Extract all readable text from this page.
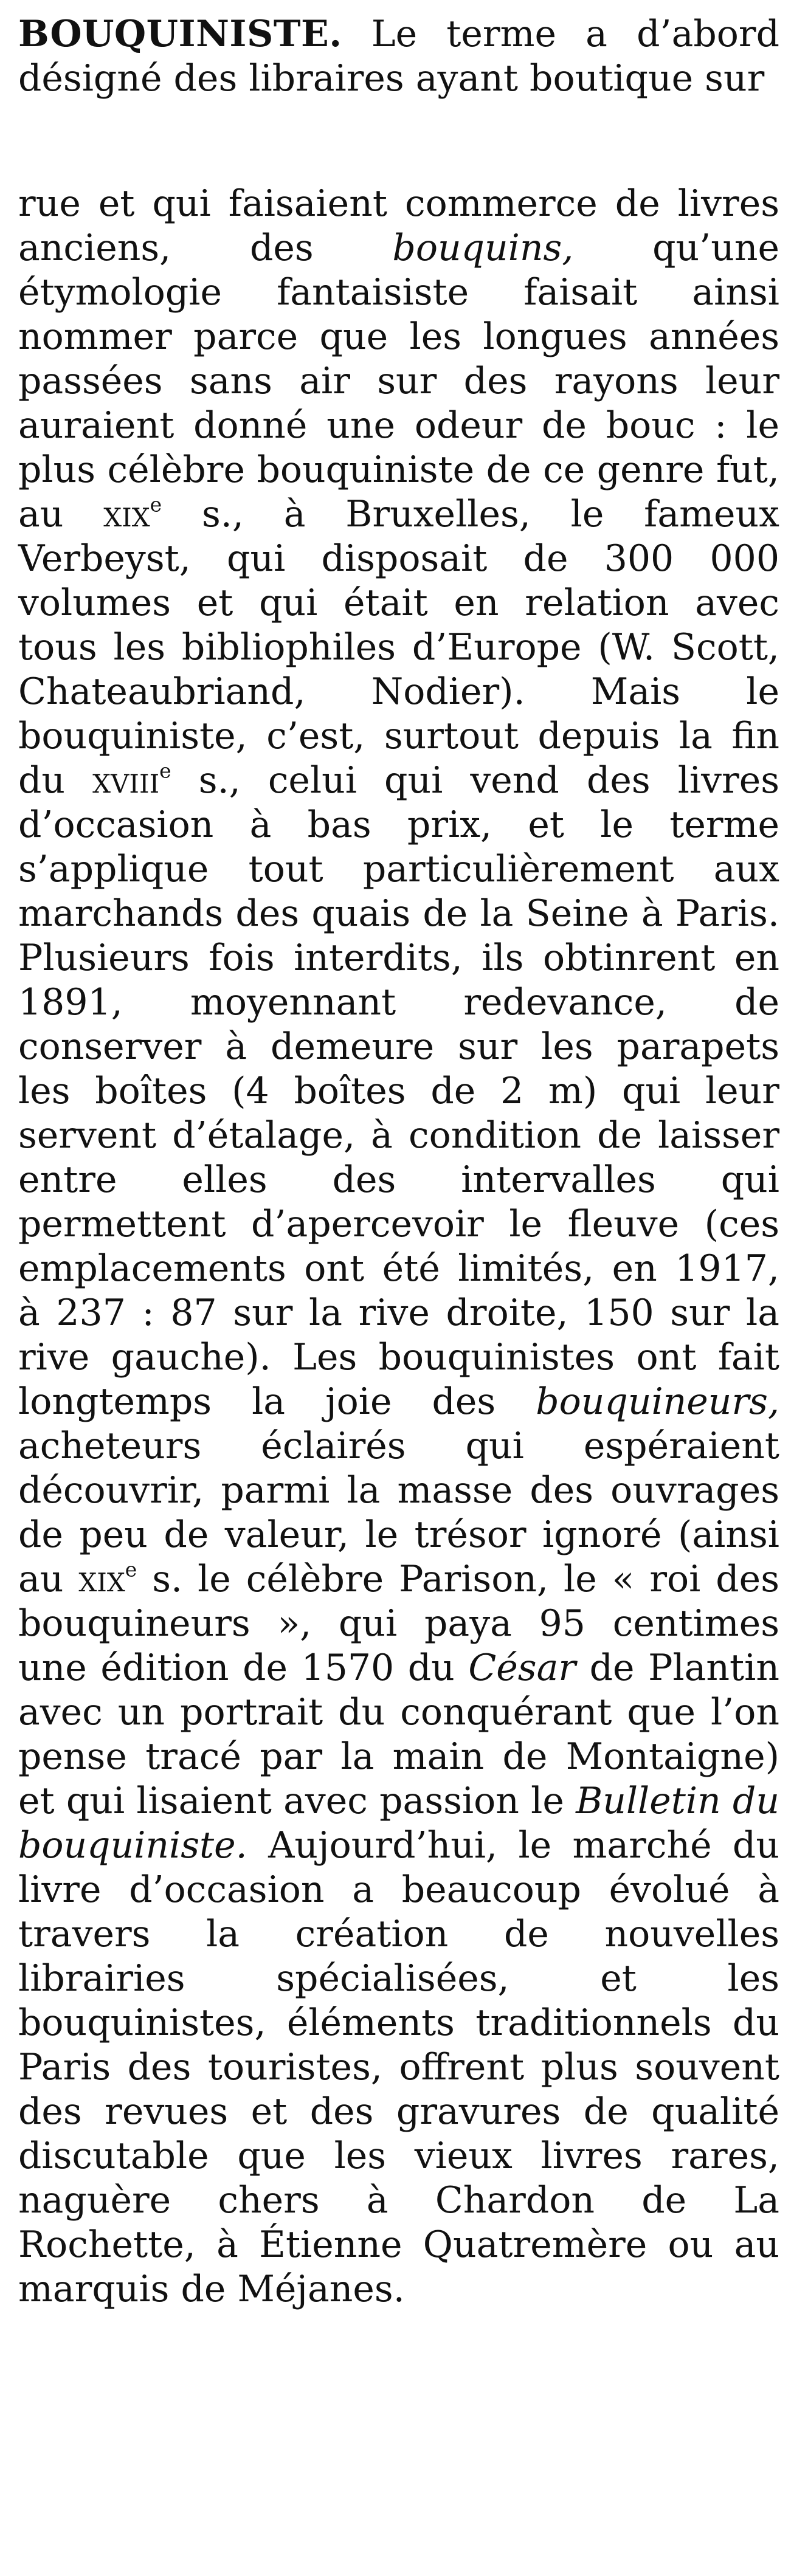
BOUQUINISTE. Le terme a d’abord désigné des libraires ayant boutique sur

rue et qui faisaient commerce de livres anciens, des bouquins, qu’une étymologie fantaisiste faisait ainsi nommer parce que les longues années passées sans air sur des rayons leur auraient donné une odeur de bouc : le plus célèbre bouquiniste de ce genre fut, au xix$^e$ s., à Bruxelles, le fameux Verbeyst, qui disposait de 300 000 volumes et qui était en relation avec tous les bibliophiles d’Europe (W. Scott, Chateaubriand, Nodier). Mais le bouquiniste, c’est, surtout depuis la fin du xviii$^e$ s., celui qui vend des livres d’occasion à bas prix, et le terme s’applique tout particulièrement aux marchands des quais de la Seine à Paris. Plusieurs fois interdits, ils obtinrent en 1891, moyennant redevance, de conserver à demeure sur les parapets les boîtes (4 boîtes de 2 m) qui leur servent d’étalage, à condition de laisser entre elles des intervalles qui permettent d’apercevoir le fleuve (ces emplacements ont été limités, en 1917, à 237 : 87 sur la rive droite, 150 sur la rive gauche). Les bouquinistes ont fait longtemps la joie des bouquineurs, acheteurs éclairés qui espéraient découvrir, parmi la masse des ouvrages de peu de valeur, le trésor ignoré (ainsi au xix$^e$ s. le célèbre Parison, le « roi des bouquineurs », qui paya 95 centimes une édition de 1570 du César de Plantin avec un portrait du conquérant que l’on pense tracé par la main de Montaigne) et qui lisaient avec passion le Bulletin du bouquiniste. Aujourd’hui, le marché du livre d’occasion a beaucoup évolué à travers la création de nouvelles librairies spécialisées, et les bouquinistes, éléments traditionnels du Paris des touristes, offrent plus souvent des revues et des gravures de qualité discutable que les vieux livres rares, naguère chers à Chardon de La Rochette, à Étienne Quatremère ou au marquis de Méjanes.
